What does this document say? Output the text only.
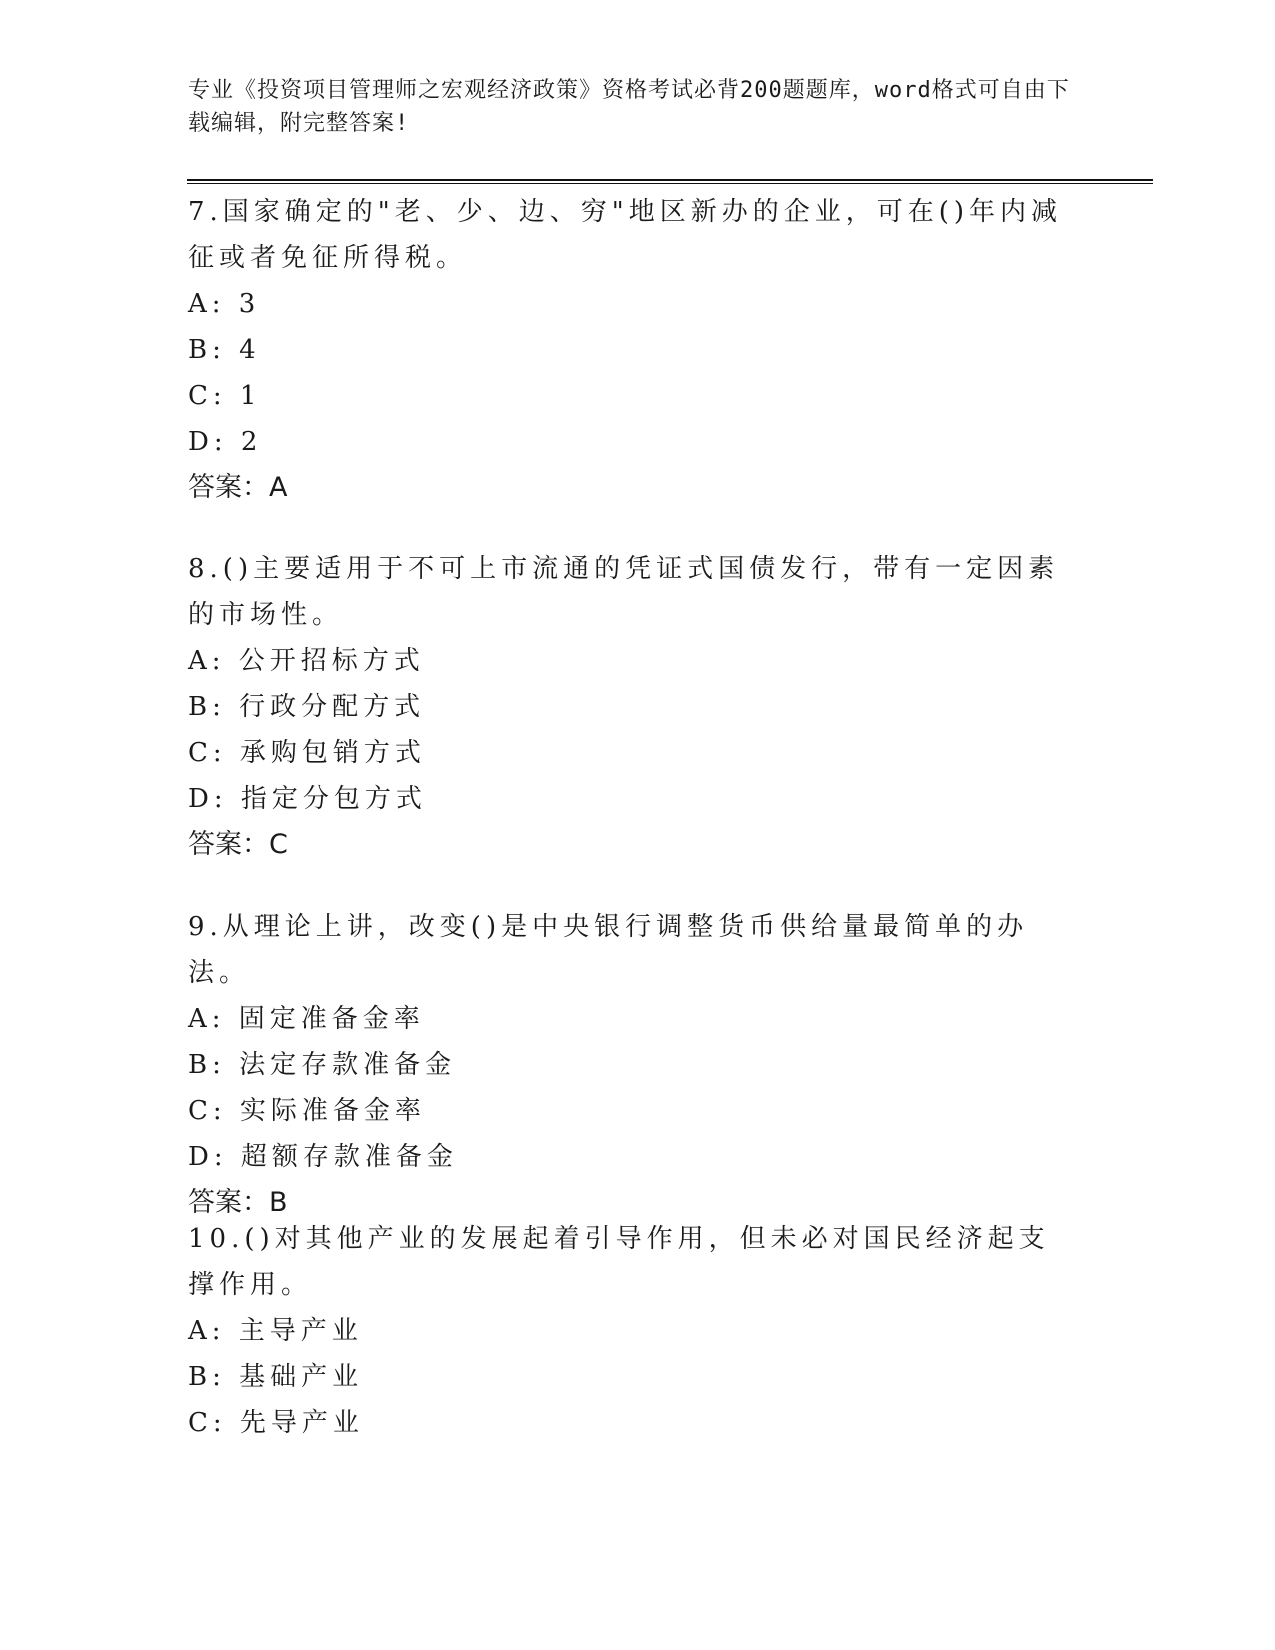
专业《投资项目管理师之宏观经济政策》资格考试必背200题题库，word格式可自由下载编辑，附完整答案!

7.国家确定的"老、少、边、穷"地区新办的企业，可在()年内减征或者免征所得税。

A: 3
B: 4
C: 1
D: 2
答案：A

8.()主要适用于不可上市流通的凭证式国债发行，带有一定因素的市场性。

A: 公开招标方式
B: 行政分配方式
C: 承购包销方式
D: 指定分包方式
答案：C

9.从理论上讲，改变()是中央银行调整货币供给量最简单的办法。

A: 固定准备金率
B: 法定存款准备金
C: 实际准备金率
D: 超额存款准备金
答案：B

10.()对其他产业的发展起着引导作用，但未必对国民经济起支撑作用。

A: 主导产业
B: 基础产业
C: 先导产业
